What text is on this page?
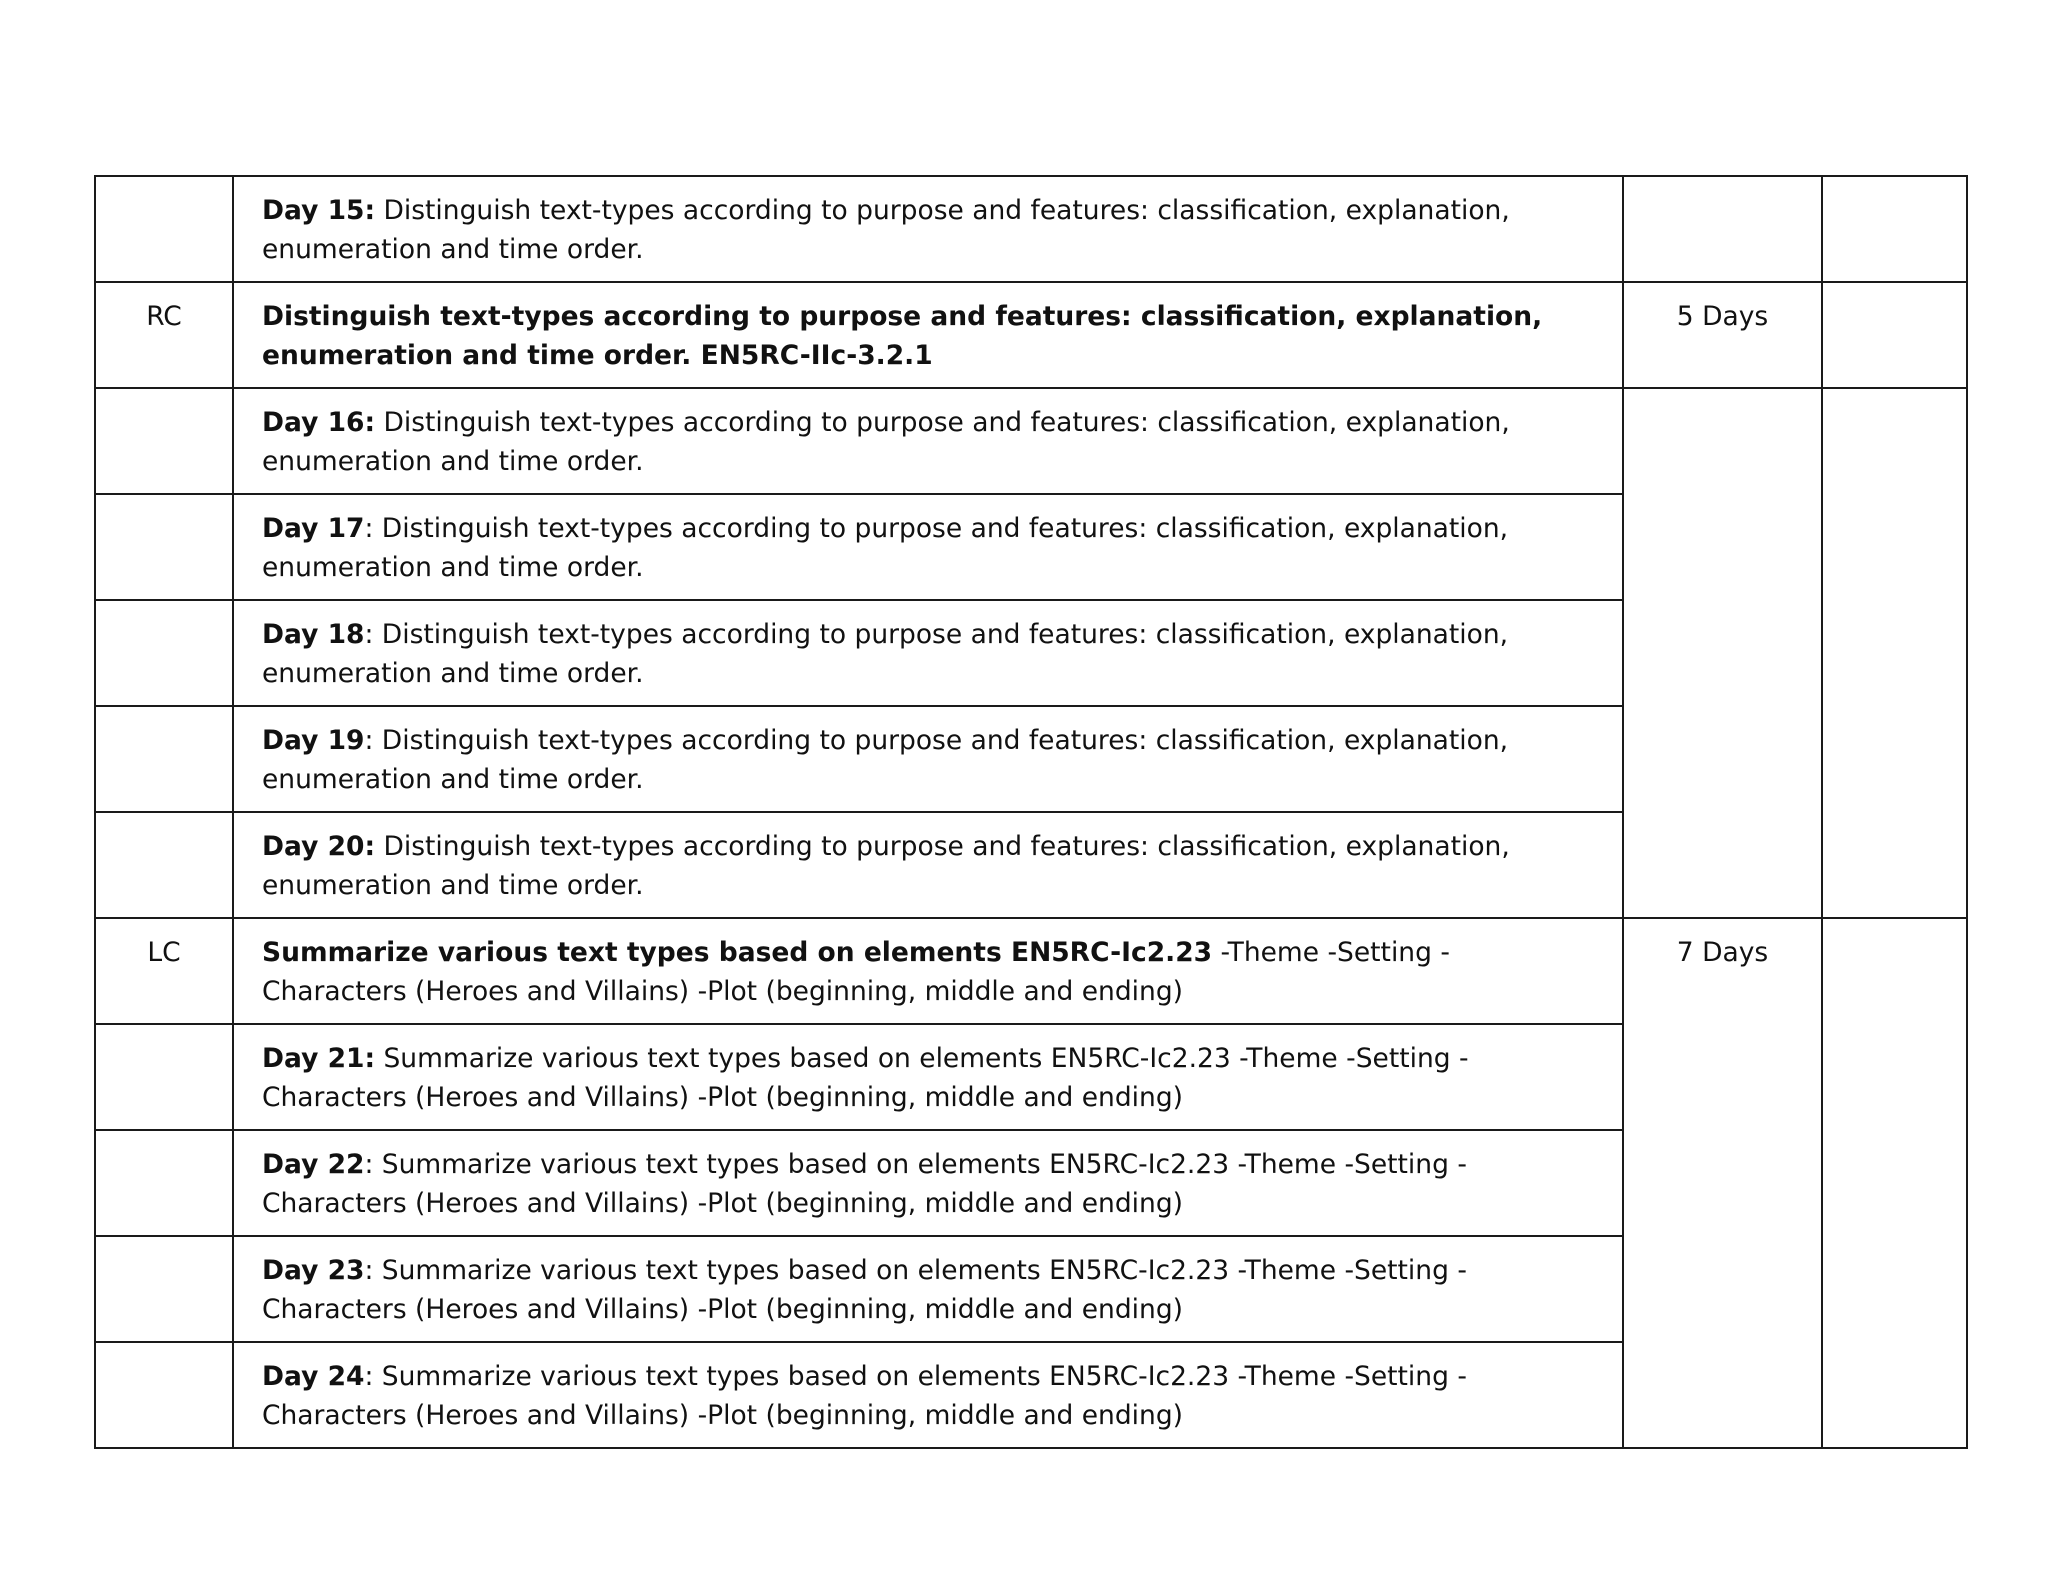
	Day 15: Distinguish text-types according to purpose and features: classification, explanation, enumeration and time order.		
RC	Distinguish text-types according to purpose and features: classification, explanation, enumeration and time order. EN5RC-IIc-3.2.1	5 Days	
	Day 16: Distinguish text-types according to purpose and features: classification, explanation, enumeration and time order.		
	Day 17: Distinguish text-types according to purpose and features: classification, explanation, enumeration and time order.		
	Day 18: Distinguish text-types according to purpose and features: classification, explanation, enumeration and time order.		
	Day 19: Distinguish text-types according to purpose and features: classification, explanation, enumeration and time order.		
	Day 20: Distinguish text-types according to purpose and features: classification, explanation, enumeration and time order.		
LC	Summarize various text types based on elements EN5RC-Ic2.23 -Theme -Setting -Characters (Heroes and Villains) -Plot (beginning, middle and ending)	7 Days	
	Day 21: Summarize various text types based on elements EN5RC-Ic2.23 -Theme -Setting -Characters (Heroes and Villains) -Plot (beginning, middle and ending)		
	Day 22: Summarize various text types based on elements EN5RC-Ic2.23 -Theme -Setting -Characters (Heroes and Villains) -Plot (beginning, middle and ending)		
	Day 23: Summarize various text types based on elements EN5RC-Ic2.23 -Theme -Setting -Characters (Heroes and Villains) -Plot (beginning, middle and ending)		
	Day 24: Summarize various text types based on elements EN5RC-Ic2.23 -Theme -Setting -Characters (Heroes and Villains) -Plot (beginning, middle and ending)		
